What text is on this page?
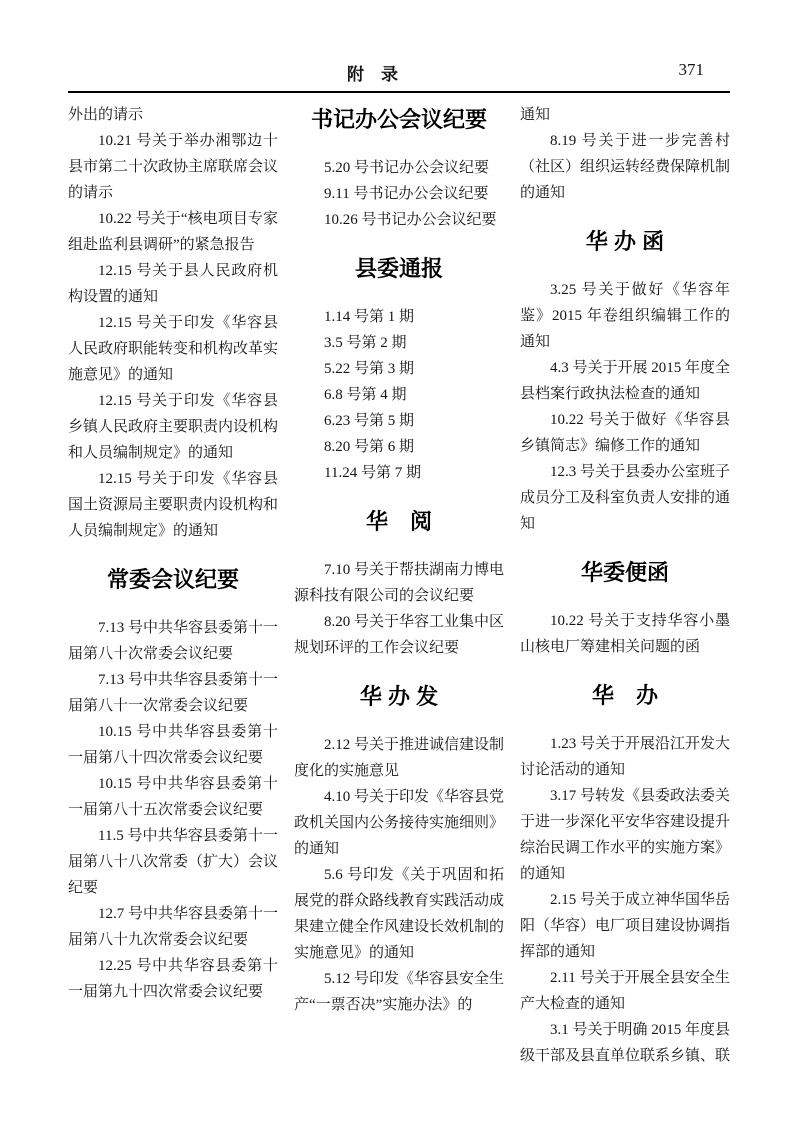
附　录	371

外出的请示

10.21 号关于举办湘鄂边十县市第二十次政协主席联席会议的请示

10.22 号关于“核电项目专家组赴监利县调研”的紧急报告

12.15 号关于县人民政府机构设置的通知

12.15 号关于印发《华容县人民政府职能转变和机构改革实施意见》的通知

12.15 号关于印发《华容县乡镇人民政府主要职责内设机构和人员编制规定》的通知

12.15 号关于印发《华容县国土资源局主要职责内设机构和人员编制规定》的通知

常委会议纪要

7.13 号中共华容县委第十一届第八十次常委会议纪要

7.13 号中共华容县委第十一届第八十一次常委会议纪要

10.15 号中共华容县委第十一届第八十四次常委会议纪要

10.15 号中共华容县委第十一届第八十五次常委会议纪要

11.5 号中共华容县委第十一届第八十八次常委（扩大）会议纪要

12.7 号中共华容县委第十一届第八十九次常委会议纪要

12.25 号中共华容县委第十一届第九十四次常委会议纪要

书记办公会议纪要

5.20 号书记办公会议纪要

9.11 号书记办公会议纪要

10.26 号书记办公会议纪要

县委通报

1.14 号第 1 期

3.5 号第 2 期

5.22 号第 3 期

6.8 号第 4 期

6.23 号第 5 期

8.20 号第 6 期

11.24 号第 7 期

华　阅

7.10 号关于帮扶湖南力博电源科技有限公司的会议纪要

8.20 号关于华容工业集中区规划环评的工作会议纪要

华 办 发

2.12 号关于推进诚信建设制度化的实施意见

4.10 号关于印发《华容县党政机关国内公务接待实施细则》的通知

5.6 号印发《关于巩固和拓展党的群众路线教育实践活动成果建立健全作风建设长效机制的实施意见》的通知

5.12 号印发《华容县安全生产“一票否决”实施办法》的

通知

8.19 号关于进一步完善村（社区）组织运转经费保障机制的通知

华 办 函

3.25 号关于做好《华容年鉴》2015 年卷组织编辑工作的通知

4.3 号关于开展 2015 年度全县档案行政执法检查的通知

10.22 号关于做好《华容县乡镇简志》编修工作的通知

12.3 号关于县委办公室班子成员分工及科室负责人安排的通知

华委便函

10.22 号关于支持华容小墨山核电厂筹建相关问题的函

华　办

1.23 号关于开展沿江开发大讨论活动的通知

3.17 号转发《县委政法委关于进一步深化平安华容建设提升综治民调工作水平的实施方案》的通知

2.15 号关于成立神华国华岳阳（华容）电厂项目建设协调指挥部的通知

2.11 号关于开展全县安全生产大检查的通知

3.1 号关于明确 2015 年度县级干部及县直单位联系乡镇、联
